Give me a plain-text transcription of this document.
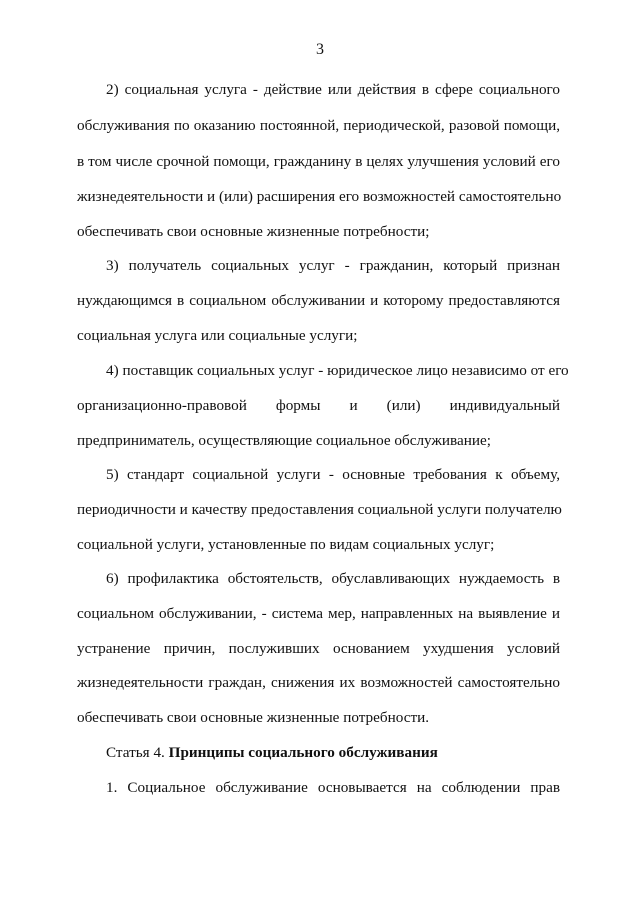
3
2) социальная услуга - действие или действия в сфере социального
обслуживания по оказанию постоянной, периодической, разовой помощи,
в том числе срочной помощи, гражданину в целях улучшения условий его
жизнедеятельности и (или) расширения его возможностей самостоятельно
обеспечивать свои основные жизненные потребности;
3) получатель социальных услуг - гражданин, который признан
нуждающимся в социальном обслуживании и которому предоставляются
социальная услуга или социальные услуги;
4) поставщик социальных услуг - юридическое лицо независимо от его
организационно-правовой формы и (или) индивидуальный
предприниматель, осуществляющие социальное обслуживание;
5) стандарт социальной услуги - основные требования к объему,
периодичности и качеству предоставления социальной услуги получателю
социальной услуги, установленные по видам социальных услуг;
6) профилактика обстоятельств, обуславливающих нуждаемость в
социальном обслуживании, - система мер, направленных на выявление и
устранение причин, послуживших основанием ухудшения условий
жизнедеятельности граждан, снижения их возможностей самостоятельно
обеспечивать свои основные жизненные потребности.
Статья 4. Принципы социального обслуживания
1. Социальное обслуживание основывается на соблюдении прав
